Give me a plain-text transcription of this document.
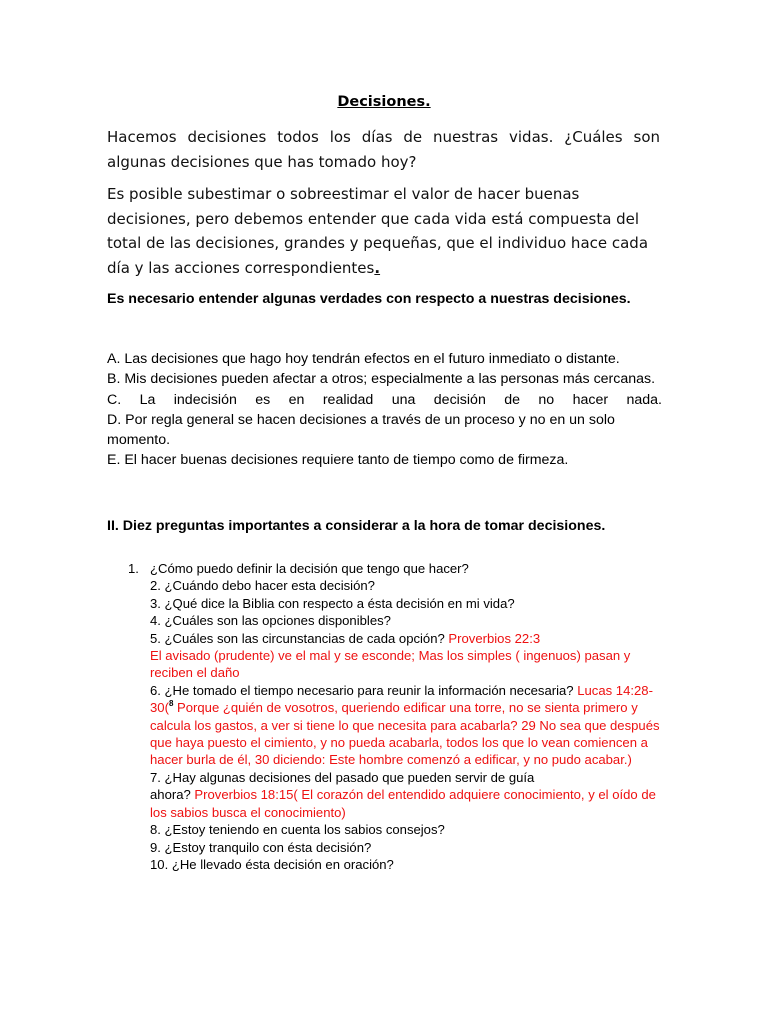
Decisiones.
Hacemos decisiones todos los días de nuestras vidas. ¿Cuáles son algunas decisiones que has tomado hoy?
Es posible subestimar o sobreestimar el valor de hacer buenas decisiones, pero debemos entender que cada vida está compuesta del total de las decisiones, grandes y pequeñas, que el individuo hace cada día y las acciones correspondientes.
Es necesario entender algunas verdades con respecto a nuestras decisiones.
A. Las decisiones que hago hoy tendrán efectos en el futuro inmediato o distante.
B. Mis decisiones pueden afectar a otros; especialmente a las personas más cercanas.
C. La indecisión es en realidad una decisión de no hacer nada.
D. Por regla general se hacen decisiones a través de un proceso y no en un solo momento.
E. El hacer buenas decisiones requiere tanto de tiempo como de firmeza.
II. Diez preguntas importantes a considerar a la hora de tomar decisiones.
1. ¿Cómo puedo definir la decisión que tengo que hacer?
2. ¿Cuándo debo hacer esta decisión?
3. ¿Qué dice la Biblia con respecto a ésta decisión en mi vida?
4. ¿Cuáles son las opciones disponibles?
5. ¿Cuáles son las circunstancias de cada opción? Proverbios 22:3
El avisado (prudente) ve el mal y se esconde; Mas los simples ( ingenuos) pasan y reciben el daño
6. ¿He tomado el tiempo necesario para reunir la información necesaria? Lucas 14:28-30($^8$ Porque ¿quién de vosotros, queriendo edificar una torre, no se sienta primero y calcula los gastos, a ver si tiene lo que necesita para acabarla? 29 No sea que después que haya puesto el cimiento, y no pueda acabarla, todos los que lo vean comiencen a hacer burla de él, 30 diciendo: Este hombre comenzó a edificar, y no pudo acabar.)
7. ¿Hay algunas decisiones del pasado que pueden servir de guía
ahora? Proverbios 18:15( El corazón del entendido adquiere conocimiento, y el oído de los sabios busca el conocimiento)
8. ¿Estoy teniendo en cuenta los sabios consejos?
9. ¿Estoy tranquilo con ésta decisión?
10. ¿He llevado ésta decisión en oración?
